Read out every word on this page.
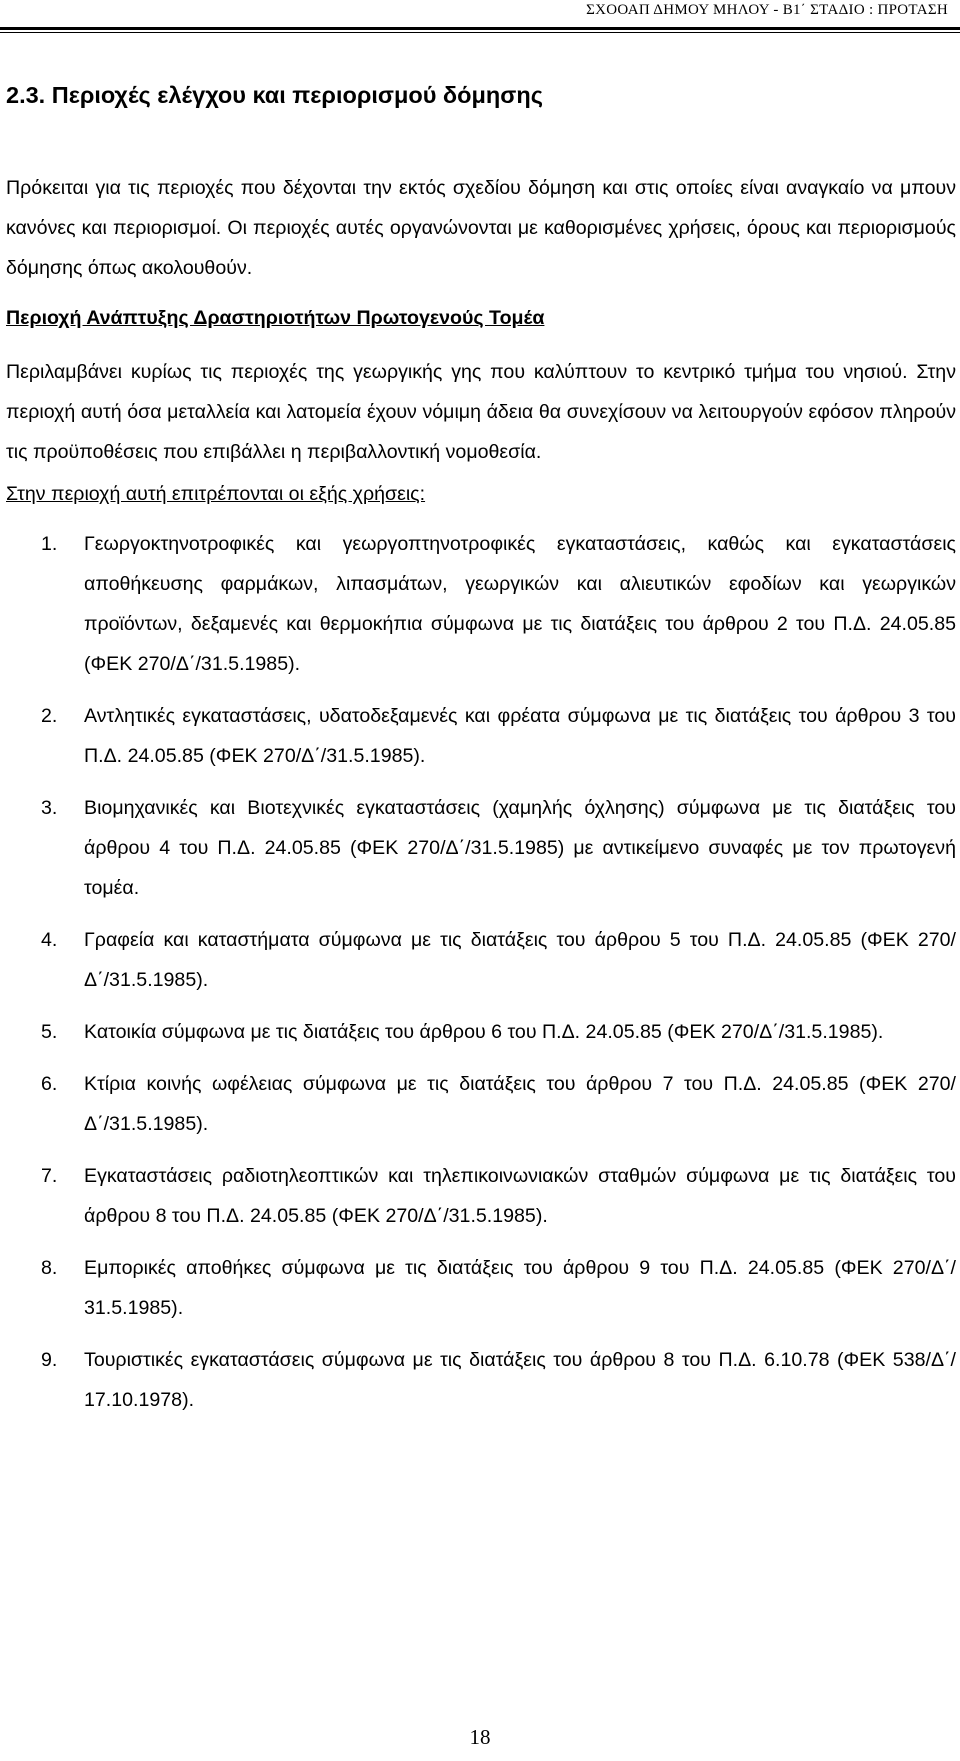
ΣΧΟΟΑΠ ΔΗΜΟΥ ΜΗΛΟΥ - Β1΄ ΣΤΑΔΙΟ : ΠΡΟΤΑΣΗ
2.3. Περιοχές ελέγχου και περιορισμού δόμησης

Πρόκειται για τις περιοχές που δέχονται την εκτός σχεδίου δόμηση και στις οποίες είναι αναγκαίο να μπουν κανόνες και περιορισμοί. Οι περιοχές αυτές οργανώνονται με καθορισμένες χρήσεις, όρους και περιορισμούς δόμησης όπως ακολουθούν.

Περιοχή Ανάπτυξης Δραστηριοτήτων Πρωτογενούς Τομέα

Περιλαμβάνει κυρίως τις περιοχές της γεωργικής γης που καλύπτουν το κεντρικό τμήμα του νησιού. Στην περιοχή αυτή όσα μεταλλεία και λατομεία έχουν νόμιμη άδεια θα συνεχίσουν να λειτουργούν εφόσον πληρούν τις προϋποθέσεις που επιβάλλει η περιβαλλοντική νομοθεσία.

Στην περιοχή αυτή επιτρέπονται οι εξής χρήσεις:

1.	Γεωργοκτηνοτροφικές και γεωργοπτηνοτροφικές εγκαταστάσεις, καθώς και εγκαταστάσεις αποθήκευσης φαρμάκων, λιπασμάτων, γεωργικών και αλιευτικών εφοδίων και γεωργικών προϊόντων, δεξαμενές και θερμοκήπια σύμφωνα με τις διατάξεις του άρθρου 2 του Π.Δ. 24.05.85 (ΦΕΚ 270/Δ΄/31.5.1985).
2.	Αντλητικές εγκαταστάσεις, υδατοδεξαμενές και φρέατα σύμφωνα με τις διατάξεις του άρθρου 3 του Π.Δ. 24.05.85 (ΦΕΚ 270/Δ΄/31.5.1985).
3.	Βιομηχανικές και Βιοτεχνικές εγκαταστάσεις (χαμηλής όχλησης) σύμφωνα με τις διατάξεις του άρθρου 4 του Π.Δ. 24.05.85 (ΦΕΚ 270/Δ΄/31.5.1985) με αντικείμενο συναφές με τον πρωτογενή τομέα.
4.	Γραφεία και καταστήματα σύμφωνα με τις διατάξεις του άρθρου 5 του Π.Δ. 24.05.85 (ΦΕΚ 270/Δ΄/31.5.1985).
5.	Κατοικία σύμφωνα με τις διατάξεις του άρθρου 6 του Π.Δ. 24.05.85 (ΦΕΚ 270/Δ΄/31.5.1985).
6.	Κτίρια κοινής ωφέλειας σύμφωνα με τις διατάξεις του άρθρου 7 του Π.Δ. 24.05.85 (ΦΕΚ 270/Δ΄/31.5.1985).
7.	Εγκαταστάσεις ραδιοτηλεοπτικών και τηλεπικοινωνιακών σταθμών σύμφωνα με τις διατάξεις του άρθρου 8 του Π.Δ. 24.05.85 (ΦΕΚ 270/Δ΄/31.5.1985).
8.	Εμπορικές αποθήκες σύμφωνα με τις διατάξεις του άρθρου 9 του Π.Δ. 24.05.85 (ΦΕΚ 270/Δ΄/ 31.5.1985).
9.	Τουριστικές εγκαταστάσεις σύμφωνα με τις διατάξεις του άρθρου 8 του Π.Δ. 6.10.78 (ΦΕΚ 538/Δ΄/ 17.10.1978).
18
